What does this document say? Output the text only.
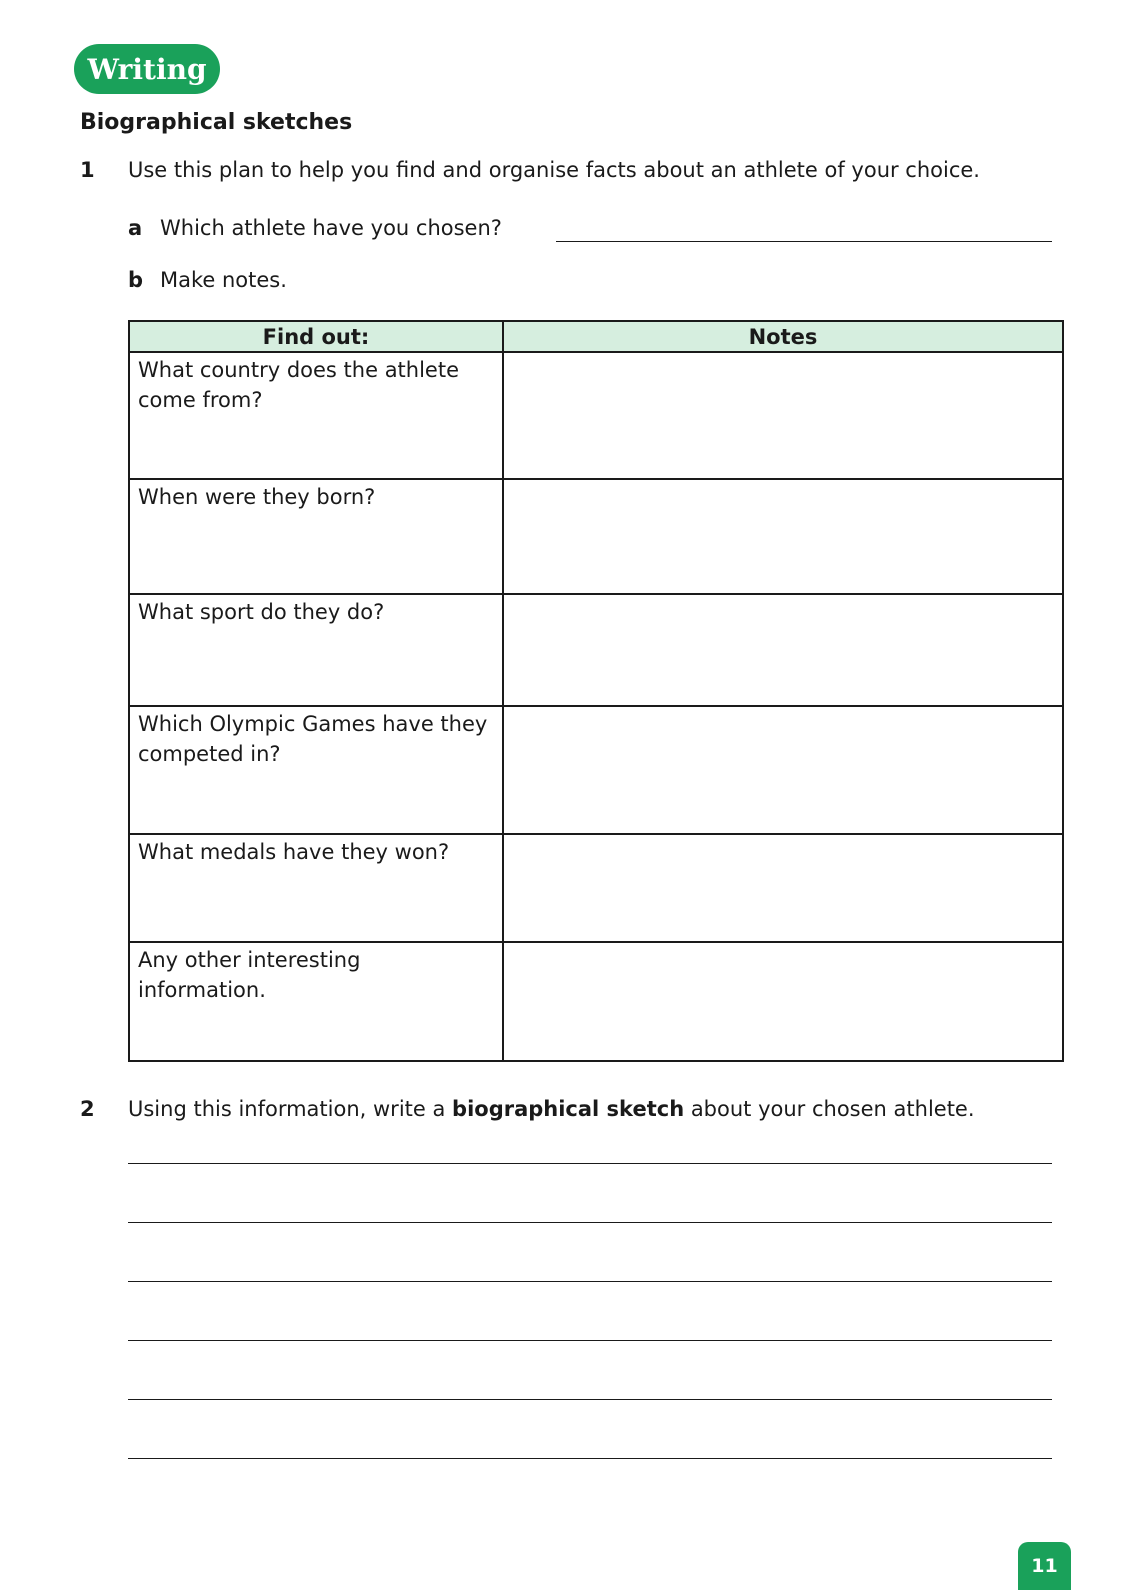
Writing
Biographical sketches
1 Use this plan to help you find and organise facts about an athlete of your choice.
a Which athlete have you chosen?
b Make notes.
Find out:	Notes

What country does the athlete come from?	

When were they born?	

What sport do they do?	

Which Olympic Games have they competed in?	

What medals have they won?	

Any other interesting information.	

2 Using this information, write a biographical sketch about your chosen athlete.
11
